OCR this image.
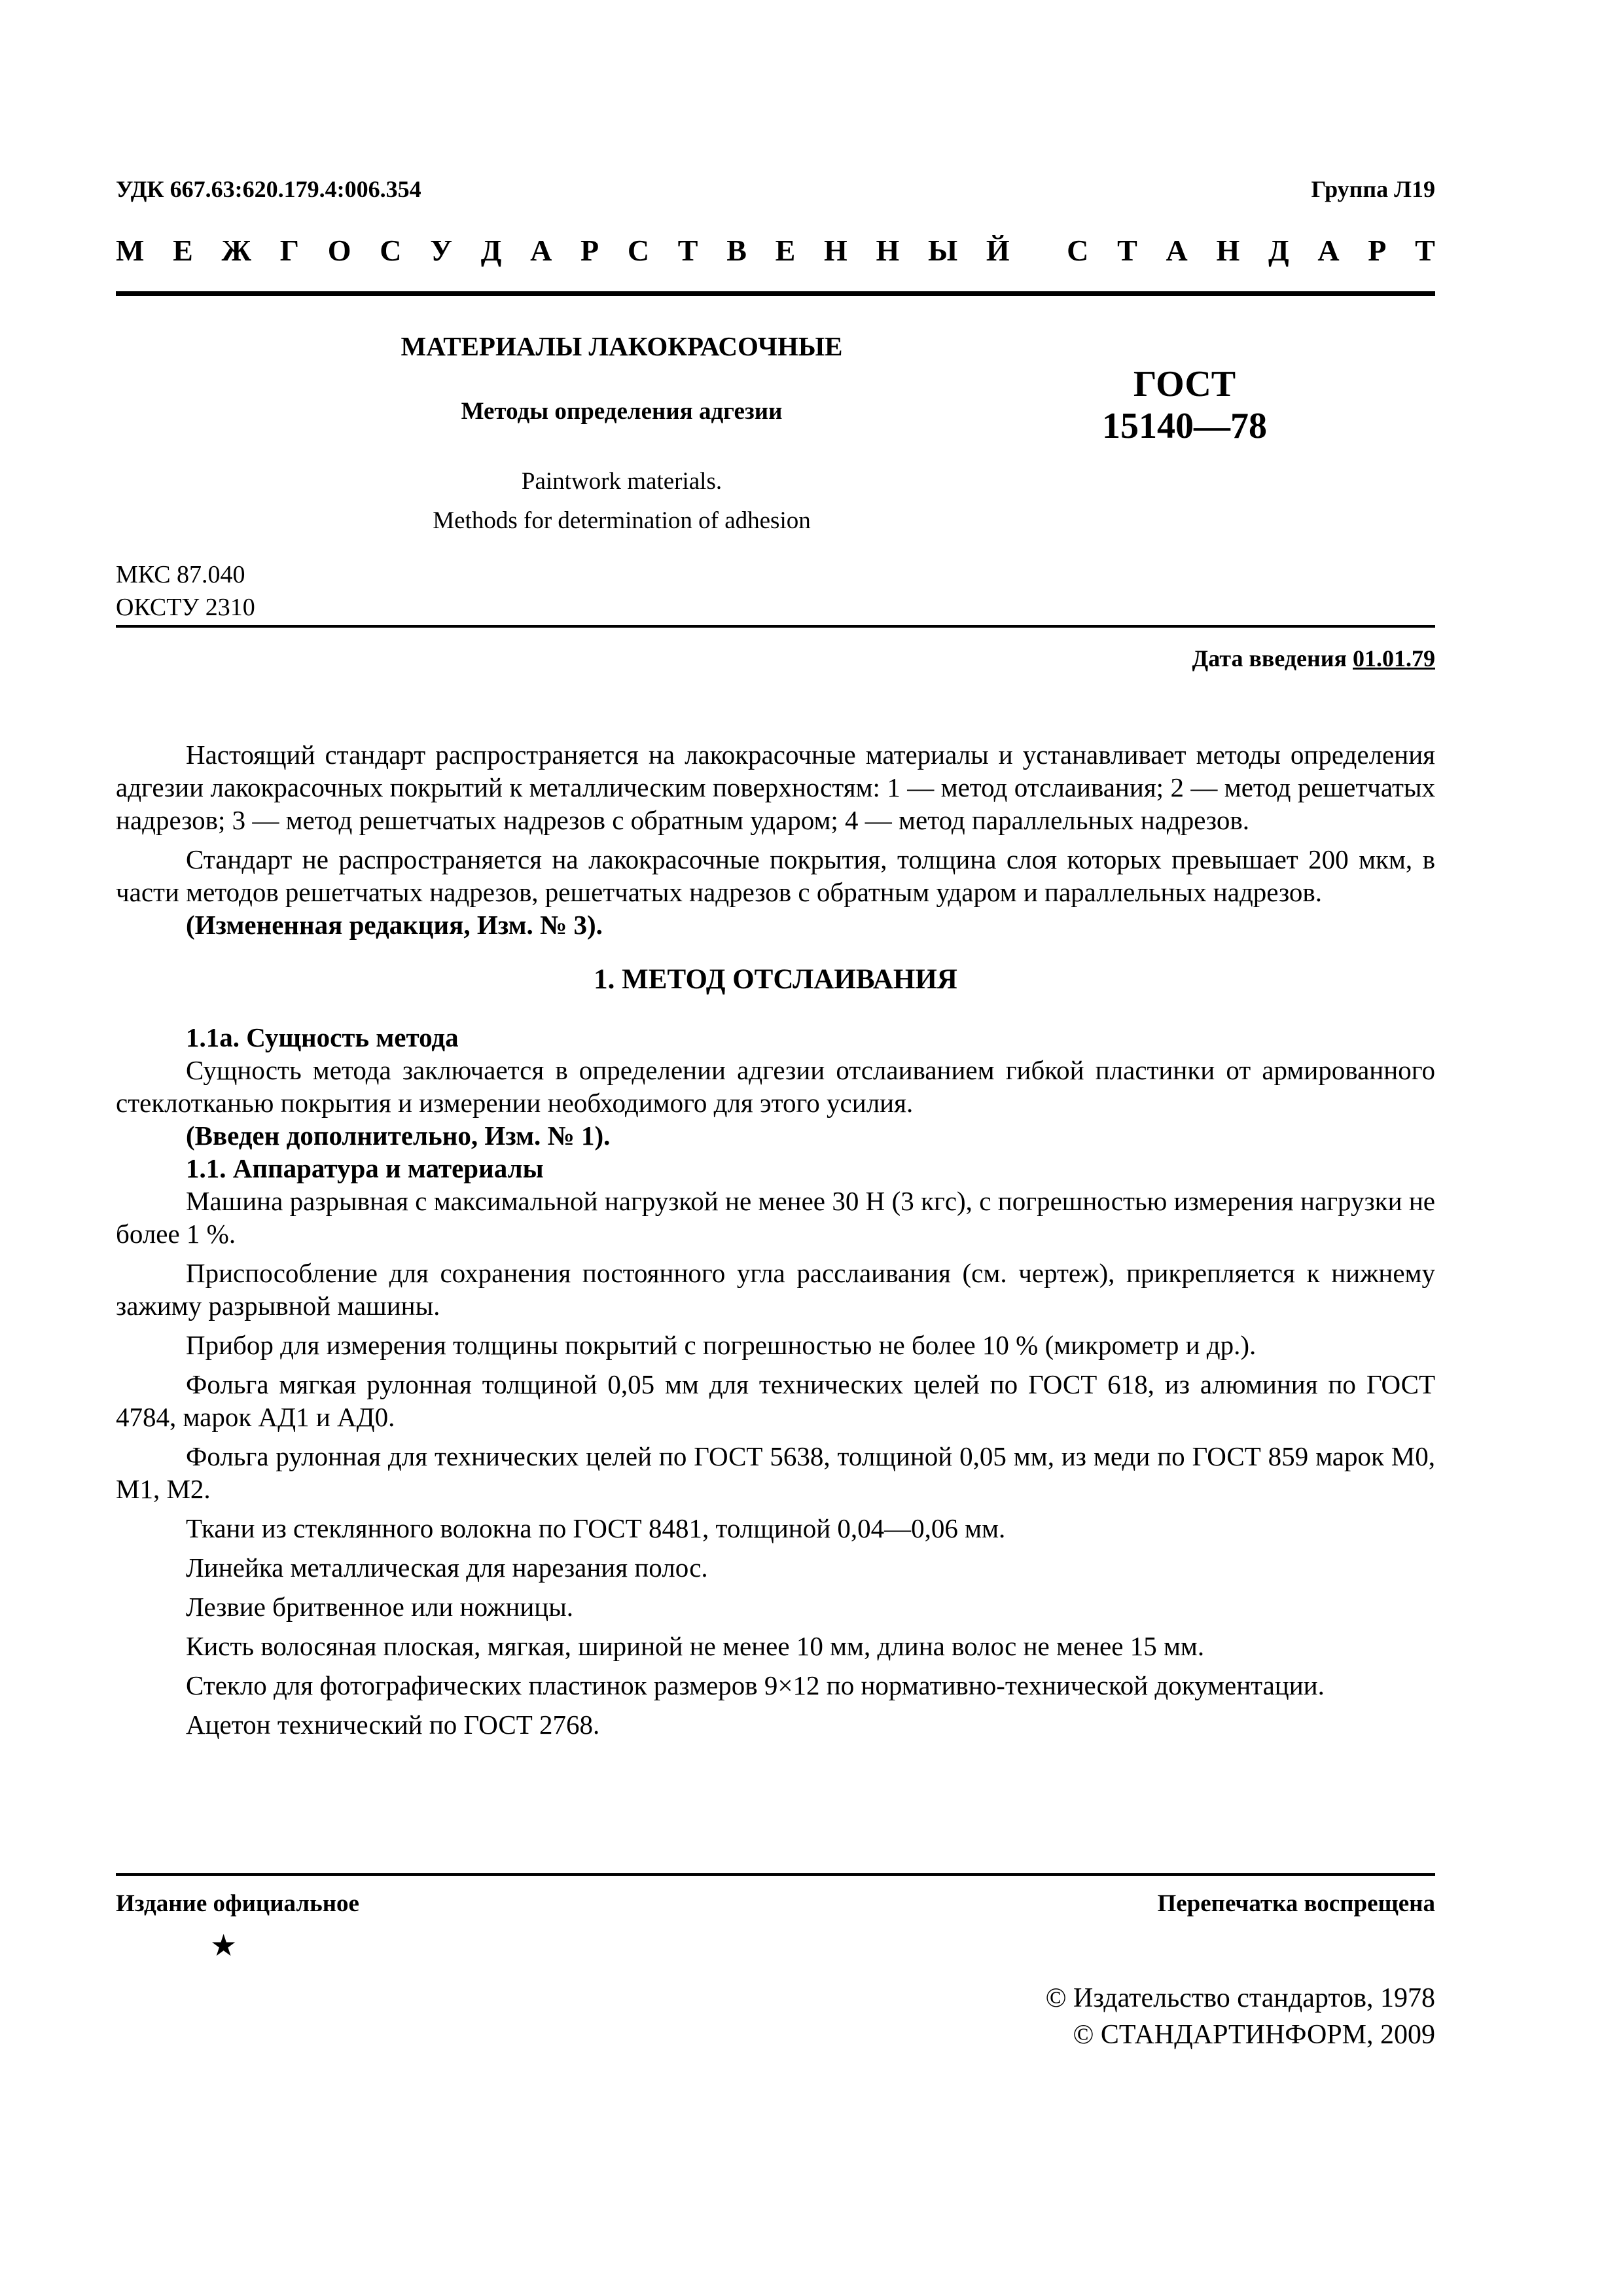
УДК 667.63:620.179.4:006.354	Группа Л19
М Е Ж Г О С У Д А Р С Т В Е Н Н Ы Й С Т А Н Д А Р Т
МАТЕРИАЛЫ ЛАКОКРАСОЧНЫЕ
Методы определения адгезии
Paintwork materials.
Methods for determination of adhesion
ГОСТ
15140—78
МКС 87.040
ОКСТУ 2310
Дата введения 01.01.79

Настоящий стандарт распространяется на лакокрасочные материалы и устанавливает методы определения адгезии лакокрасочных покрытий к металлическим поверхностям: 1 — метод отслаивания; 2 — метод решетчатых надрезов; 3 — метод решетчатых надрезов с обратным ударом; 4 — метод параллельных надрезов.

Стандарт не распространяется на лакокрасочные покрытия, толщина слоя которых превышает 200 мкм, в части методов решетчатых надрезов, решетчатых надрезов с обратным ударом и параллельных надрезов.

(Измененная редакция, Изм. № 3).

1. МЕТОД ОТСЛАИВАНИЯ

1.1а. Сущность метода

Сущность метода заключается в определении адгезии отслаиванием гибкой пластинки от армированного стеклотканью покрытия и измерении необходимого для этого усилия.

(Введен дополнительно, Изм. № 1).

1.1. Аппаратура и материалы

Машина разрывная с максимальной нагрузкой не менее 30 Н (3 кгс), с погрешностью измерения нагрузки не более 1 %.

Приспособление для сохранения постоянного угла расслаивания (см. чертеж), прикрепляется к нижнему зажиму разрывной машины.

Прибор для измерения толщины покрытий с погрешностью не более 10 % (микрометр и др.).

Фольга мягкая рулонная толщиной 0,05 мм для технических целей по ГОСТ 618, из алюминия по ГОСТ 4784, марок АД1 и АД0.

Фольга рулонная для технических целей по ГОСТ 5638, толщиной 0,05 мм, из меди по ГОСТ 859 марок М0, М1, М2.

Ткани из стеклянного волокна по ГОСТ 8481, толщиной 0,04—0,06 мм.

Линейка металлическая для нарезания полос.

Лезвие бритвенное или ножницы.

Кисть волосяная плоская, мягкая, шириной не менее 10 мм, длина волос не менее 15 мм.

Стекло для фотографических пластинок размеров 9×12 по нормативно-технической документации.

Ацетон технический по ГОСТ 2768.

Издание официальное	Перепечатка воспрещена
★
© Издательство стандартов, 1978
© СТАНДАРТИНФОРМ, 2009
